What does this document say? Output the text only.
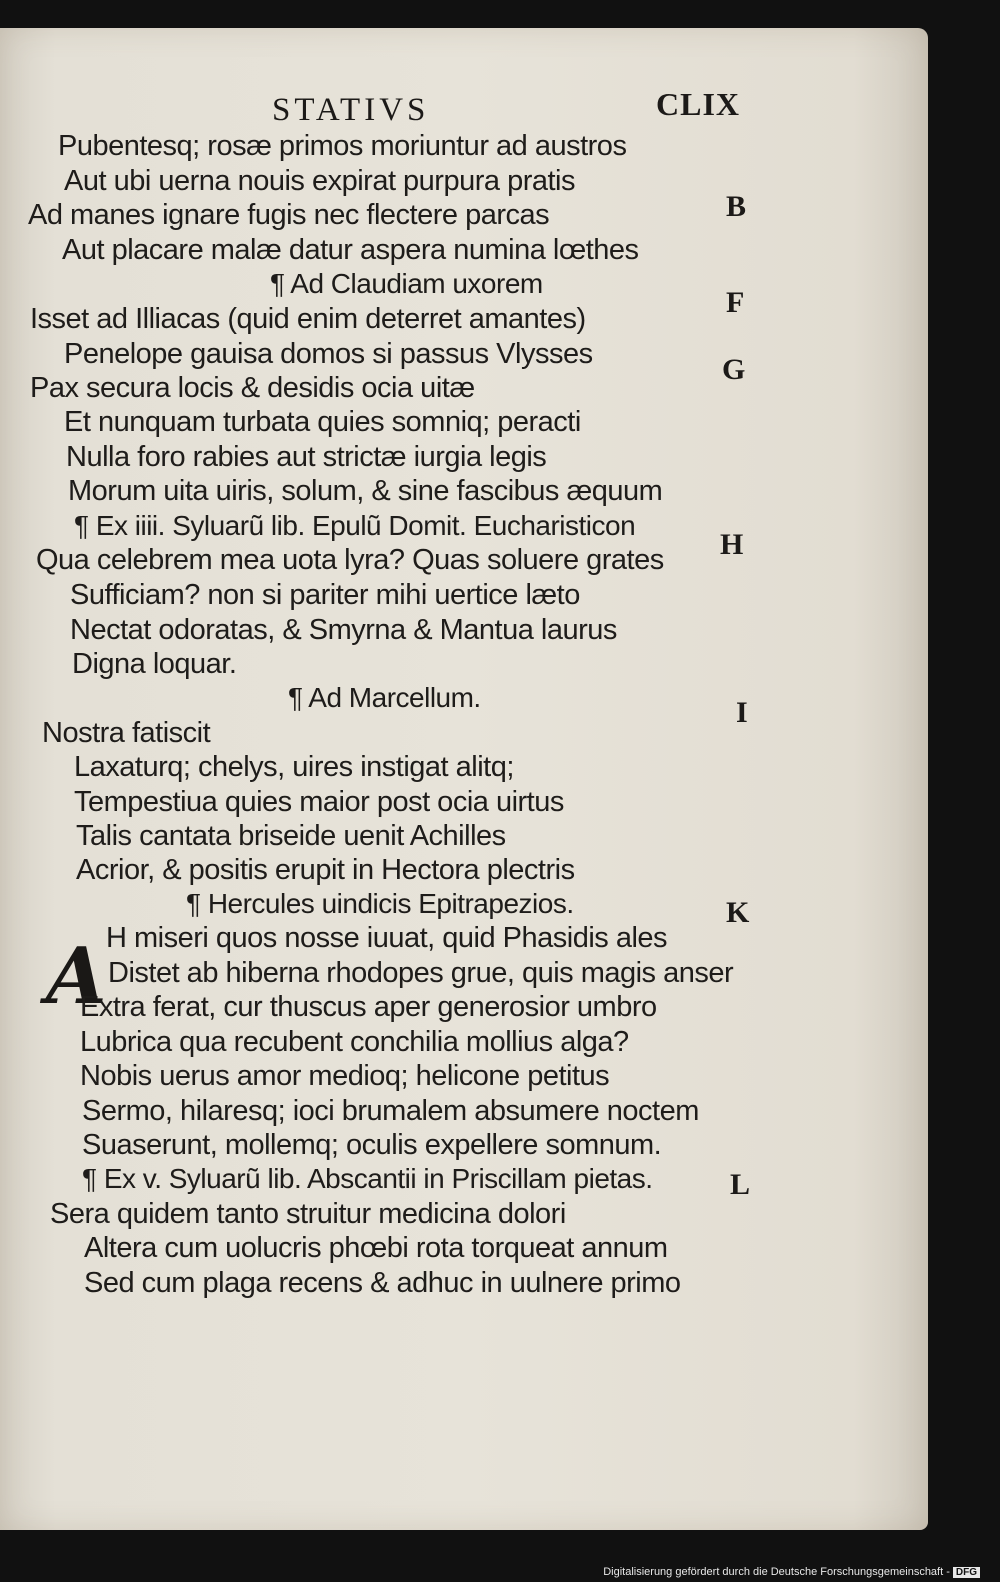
STATIVS	CLIX
Pubentesq; rosæ primos moriuntur ad austros
Aut ubi uerna nouis expirat purpura pratis
Ad manes ignare fugis nec flectere parcas
Aut placare malæ datur aspera numina lœthes
¶ Ad Claudiam uxorem
Isset ad Illiacas (quid enim deterret amantes)
Penelope gauisa domos si passus Vlysses
Pax secura locis & desidis ocia uitæ
Et nunquam turbata quies somniq; peracti
Nulla foro rabies aut strictæ iurgia legis
Morum uita uiris, solum, & sine fascibus æquum
¶ Ex iiii. Syluarũ lib. Epulũ Domit. Eucharisticon
Qua celebrem mea uota lyra? Quas soluere grates
Sufficiam? non si pariter mihi uertice læto
Nectat odoratas, & Smyrna & Mantua laurus
Digna loquar.
¶ Ad Marcellum.
Nostra fatiscit
Laxaturq; chelys, uires instigat alitq;
Tempestiua quies maior post ocia uirtus
Talis cantata briseide uenit Achilles
Acrior, & positis erupit in Hectora plectris
¶ Hercules uindicis Epitrapezios.
A H miseri quos nosse iuuat, quid Phasidis ales
Distet ab hiberna rhodopes grue, quis magis anser
Extra ferat, cur thuscus aper generosior umbro
Lubrica qua recubent conchilia mollius alga?
Nobis uerus amor medioq; helicone petitus
Sermo, hilaresq; ioci brumalem absumere noctem
Suaserunt, mollemq; oculis expellere somnum.
¶ Ex v. Syluarũ lib. Abscantii in Priscillam pietas.
Sera quidem tanto struitur medicina dolori
Altera cum uolucris phœbi rota torqueat annum
Sed cum plaga recens & adhuc in uulnere primo
B
F
G
H
I
K
L
Digitalisierung gefördert durch die Deutsche Forschungsgemeinschaft - DFG
